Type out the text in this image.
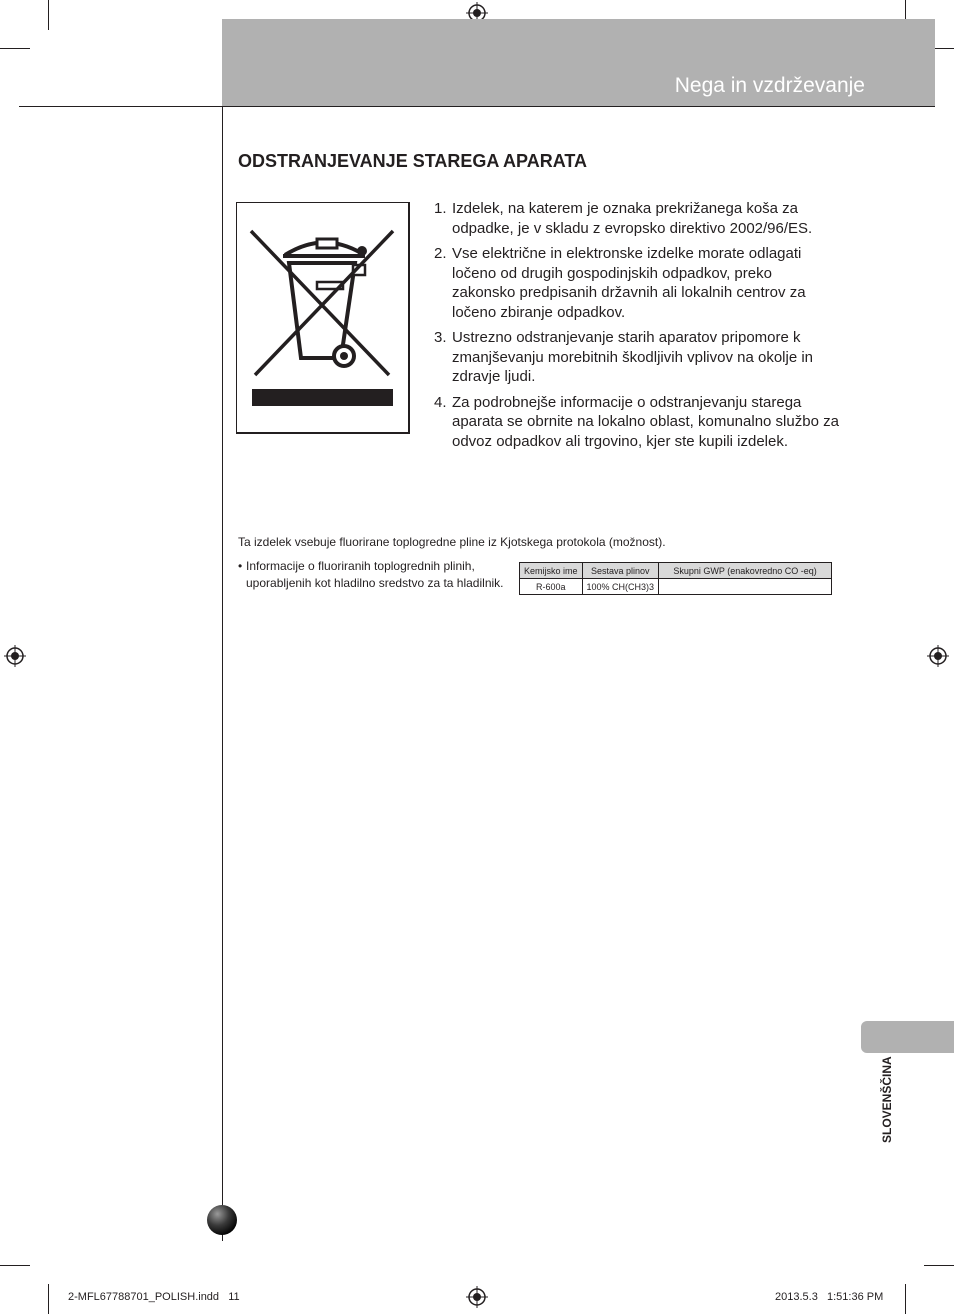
Nega in vzdrževanje
ODSTRANJEVANJE STAREGA APARATA
1. Izdelek, na katerem je oznaka prekrižanega koša za odpadke, je v skladu z evropsko direktivo 2002/96/ES.
2. Vse električne in elektronske izdelke morate odlagati ločeno od drugih gospodinjskih odpadkov, preko zakonsko predpisanih državnih ali lokalnih centrov za ločeno zbiranje odpadkov.
3. Ustrezno odstranjevanje starih aparatov pripomore k zmanjševanju morebitnih škodljivih vplivov na okolje in zdravje ljudi.
4. Za podrobnejše informacije o odstranjevanju starega aparata se obrnite na lokalno oblast, komunalno službo za odvoz odpadkov ali trgovino, kjer ste kupili izdelek.
Ta izdelek vsebuje fluorirane toplogredne pline iz Kjotskega protokola (možnost).
• Informacije o fluoriranih toplogrednih plinih, uporabljenih kot hladilno sredstvo za ta hladilnik.
Kemijsko ime	Sestava plinov	Skupni GWP (enakovredno CO -eq)
R-600a	100% CH(CH3)3	
SLOVENŠČINA
2-MFL67788701_POLISH.indd   11	2013.5.3   1:51:36 PM
